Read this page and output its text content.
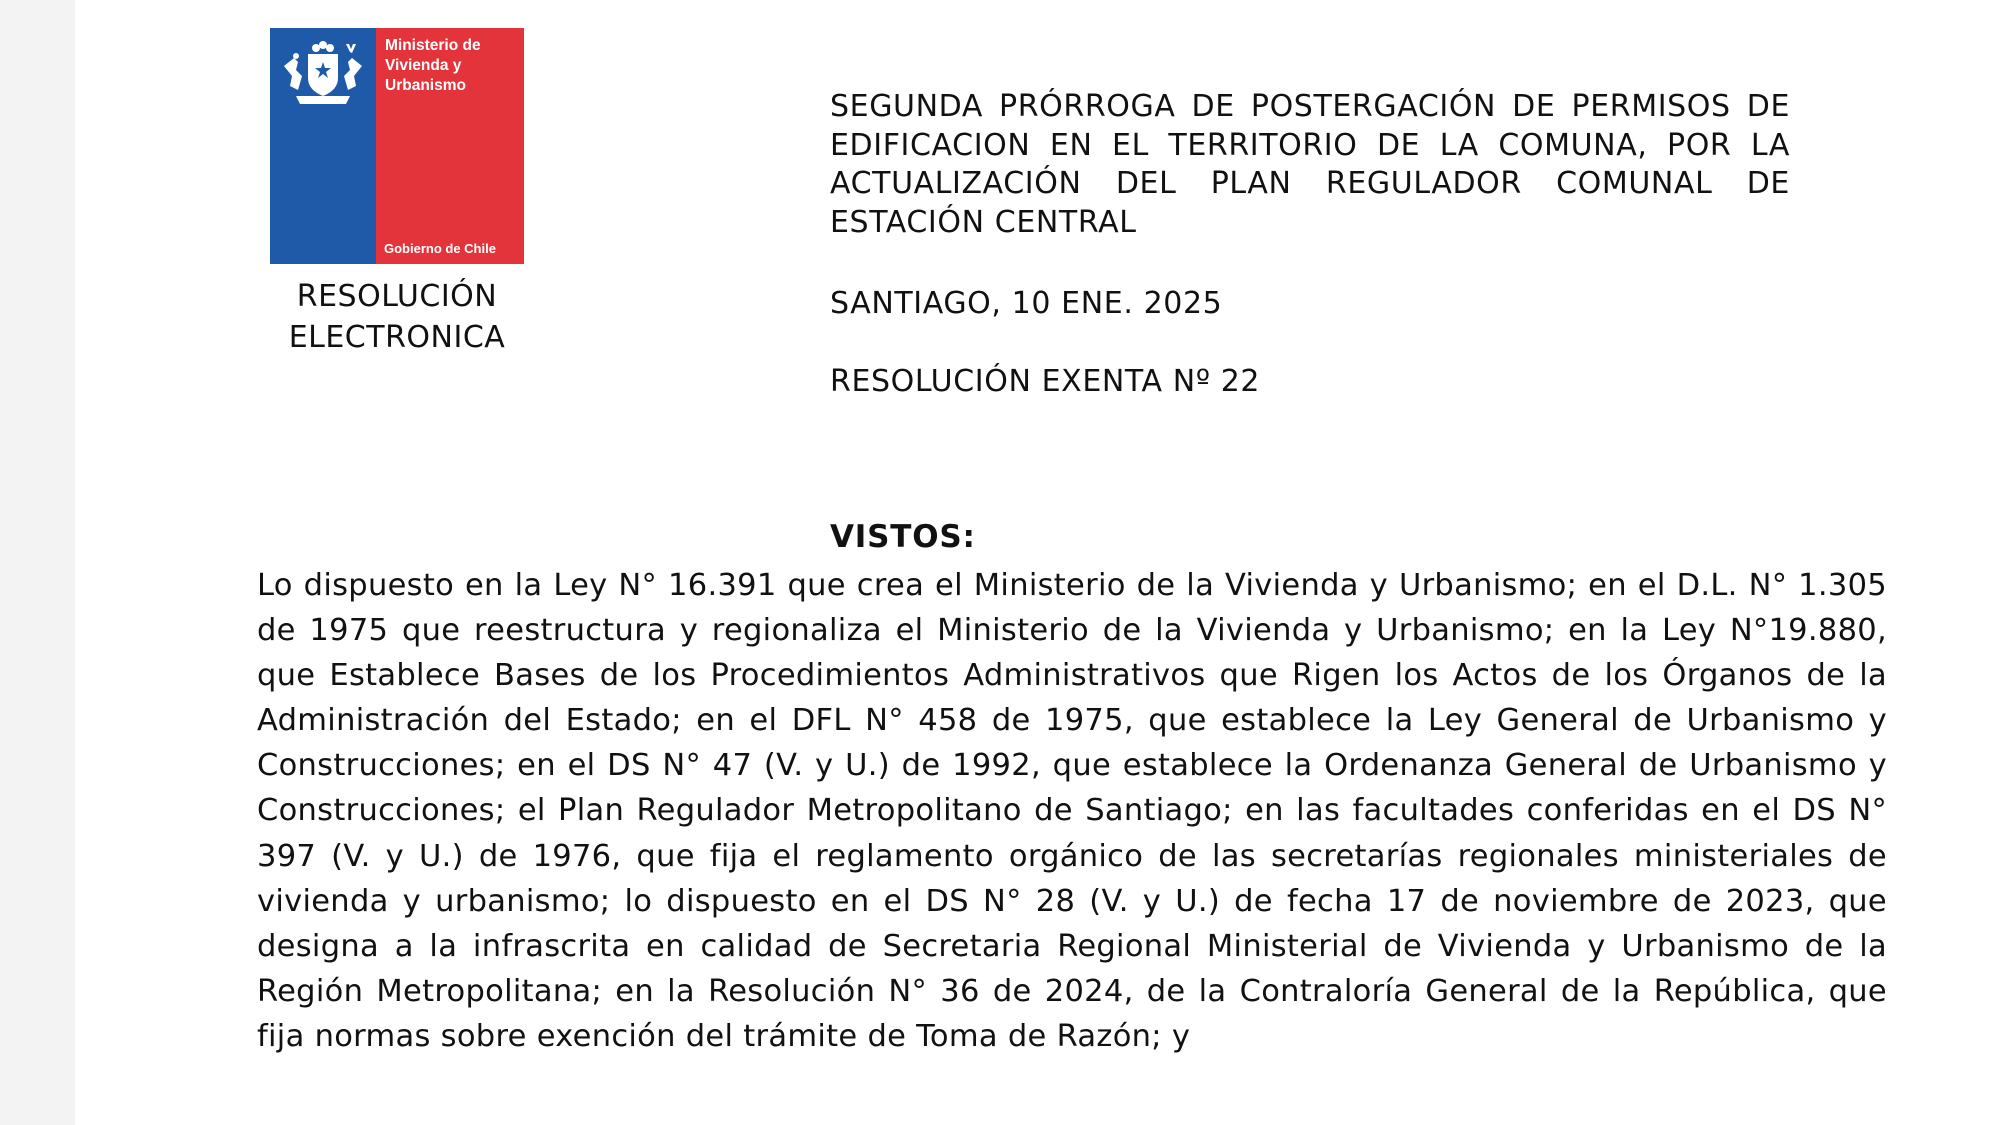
Ministerio de
Vivienda y
Urbanismo
Gobierno de Chile
RESOLUCIÓN
ELECTRONICA
SEGUNDA PRÓRROGA DE POSTERGACIÓN DE PERMISOS DE EDIFICACION EN EL TERRITORIO DE LA COMUNA, POR LA ACTUALIZACIÓN DEL PLAN REGULADOR COMUNAL DE ESTACIÓN CENTRAL
SANTIAGO, 10 ENE. 2025
RESOLUCIÓN EXENTA Nº 22
VISTOS:
Lo dispuesto en la Ley N° 16.391 que crea el Ministerio de la Vivienda y Urbanismo; en el D.L. N° 1.305 de 1975 que reestructura y regionaliza el Ministerio de la Vivienda y Urbanismo; en la Ley N°19.880, que Establece Bases de los Procedimientos Administrativos que Rigen los Actos de los Órganos de la Administración del Estado; en el DFL N° 458 de 1975, que establece la Ley General de Urbanismo y Construcciones; en el DS N° 47 (V. y U.) de 1992, que establece la Ordenanza General de Urbanismo y Construcciones; el Plan Regulador Metropolitano de Santiago; en las facultades conferidas en el DS N° 397 (V. y U.) de 1976, que fija el reglamento orgánico de las secretarías regionales ministeriales de vivienda y urbanismo; lo dispuesto en el DS N° 28 (V. y U.) de fecha 17 de noviembre de 2023, que designa a la infrascrita en calidad de Secretaria Regional Ministerial de Vivienda y Urbanismo de la Región Metropolitana; en la Resolución N° 36 de 2024, de la Contraloría General de la República, que fija normas sobre exención del trámite de Toma de Razón; y
